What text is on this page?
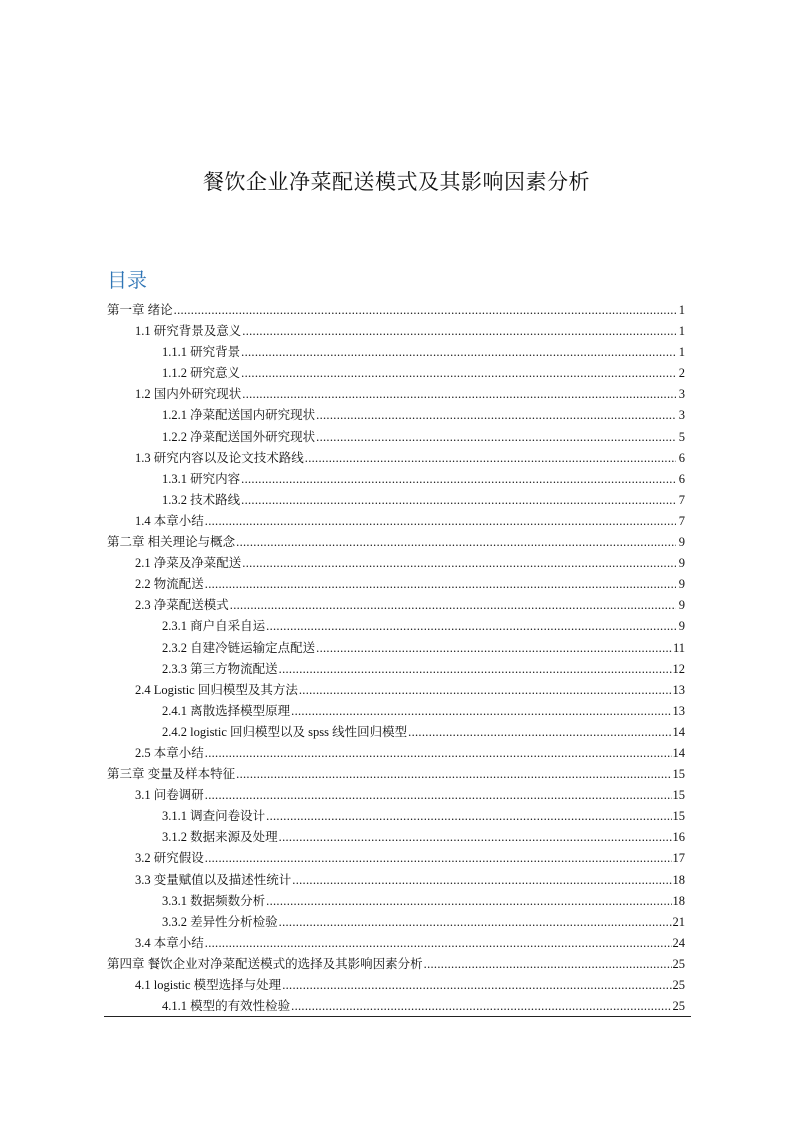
餐饮企业净菜配送模式及其影响因素分析
目录
第一章 绪论 .....	1
1.1 研究背景及意义 .....	1
1.1.1 研究背景 .....	1
1.1.2 研究意义 .....	2
1.2 国内外研究现状 .....	3
1.2.1 净菜配送国内研究现状 .....	3
1.2.2 净菜配送国外研究现状 .....	5
1.3 研究内容以及论文技术路线 .....	6
1.3.1 研究内容 .....	6
1.3.2 技术路线 .....	7
1.4 本章小结 .....	7
第二章 相关理论与概念 .....	9
2.1 净菜及净菜配送 .....	9
2.2 物流配送 .....	9
2.3 净菜配送模式 .....	9
2.3.1 商户自采自运 .....	9
2.3.2 自建冷链运输定点配送 .....	11
2.3.3 第三方物流配送 .....	12
2.4 Logistic 回归模型及其方法 .....	13
2.4.1 离散选择模型原理 .....	13
2.4.2 logistic 回归模型以及 spss 线性回归模型 .....	14
2.5 本章小结 .....	14
第三章 变量及样本特征 .....	15
3.1 问卷调研 .....	15
3.1.1 调查问卷设计 .....	15
3.1.2 数据来源及处理 .....	16
3.2 研究假设 .....	17
3.3 变量赋值以及描述性统计 .....	18
3.3.1 数据频数分析 .....	18
3.3.2 差异性分析检验 .....	21
3.4 本章小结 .....	24
第四章 餐饮企业对净菜配送模式的选择及其影响因素分析 .....	25
4.1 logistic 模型选择与处理 .....	25
4.1.1 模型的有效性检验 .....	25
